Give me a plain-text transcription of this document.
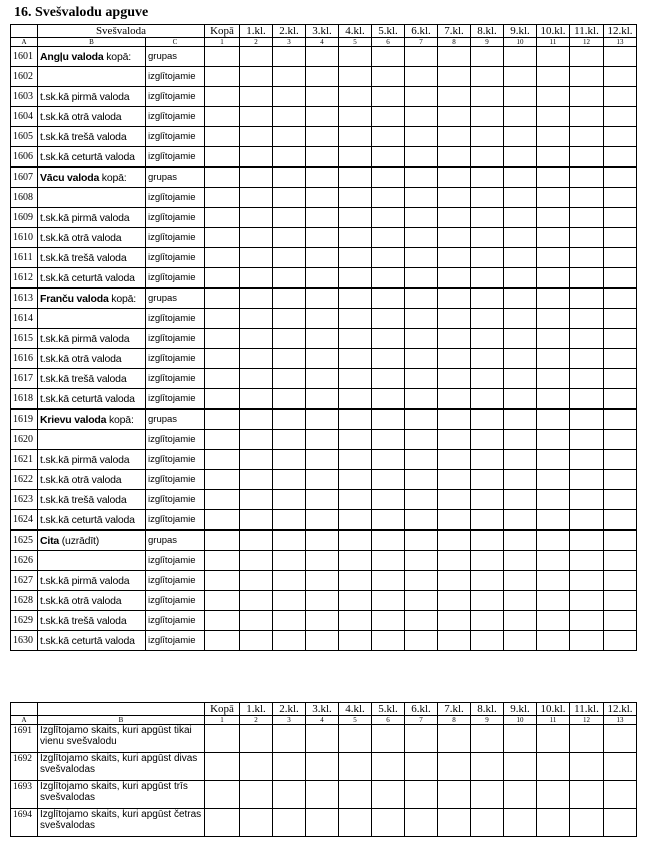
16. Svešvalodu apguve
	Svešvaloda		Kopā	1.kl.	2.kl.	3.kl.	4.kl.	5.kl.	6.kl.	7.kl.	8.kl.	9.kl.	10.kl.	11.kl.	12.kl.
A	B	C	1	2	3	4	5	6	7	8	9	10	11	12	13
1601	Angļu valoda kopā:	grupas													
1602		izglītojamie													
1603	t.sk.kā pirmā valoda	izglītojamie													
1604	t.sk.kā otrā valoda	izglītojamie													
1605	t.sk.kā trešā valoda	izglītojamie													
1606	t.sk.kā ceturtā valoda	izglītojamie													
1607	Vācu valoda kopā:	grupas													
1608		izglītojamie													
1609	t.sk.kā pirmā valoda	izglītojamie													
1610	t.sk.kā otrā valoda	izglītojamie													
1611	t.sk.kā trešā valoda	izglītojamie													
1612	t.sk.kā ceturtā valoda	izglītojamie													
1613	Franču valoda kopā:	grupas													
1614		izglītojamie													
1615	t.sk.kā pirmā valoda	izglītojamie													
1616	t.sk.kā otrā valoda	izglītojamie													
1617	t.sk.kā trešā valoda	izglītojamie													
1618	t.sk.kā ceturtā valoda	izglītojamie													
1619	Krievu valoda kopā:	grupas													
1620		izglītojamie													
1621	t.sk.kā pirmā valoda	izglītojamie													
1622	t.sk.kā otrā valoda	izglītojamie													
1623	t.sk.kā trešā valoda	izglītojamie													
1624	t.sk.kā ceturtā valoda	izglītojamie													
1625	Cita (uzrādīt)	grupas													
1626		izglītojamie													
1627	t.sk.kā pirmā valoda	izglītojamie													
1628	t.sk.kā otrā valoda	izglītojamie													
1629	t.sk.kā trešā valoda	izglītojamie													
1630	t.sk.kā ceturtā valoda	izglītojamie													
		Kopā	1.kl.	2.kl.	3.kl.	4.kl.	5.kl.	6.kl.	7.kl.	8.kl.	9.kl.	10.kl.	11.kl.	12.kl.
A	B	1	2	3	4	5	6	7	8	9	10	11	12	13
1691	Izglītojamo skaits, kuri apgūst tikai vienu svešvalodu													
1692	Izglītojamo skaits, kuri apgūst divas svešvalodas													
1693	Izglītojamo skaits, kuri apgūst trīs svešvalodas													
1694	Izglītojamo skaits, kuri apgūst četras svešvalodas													
